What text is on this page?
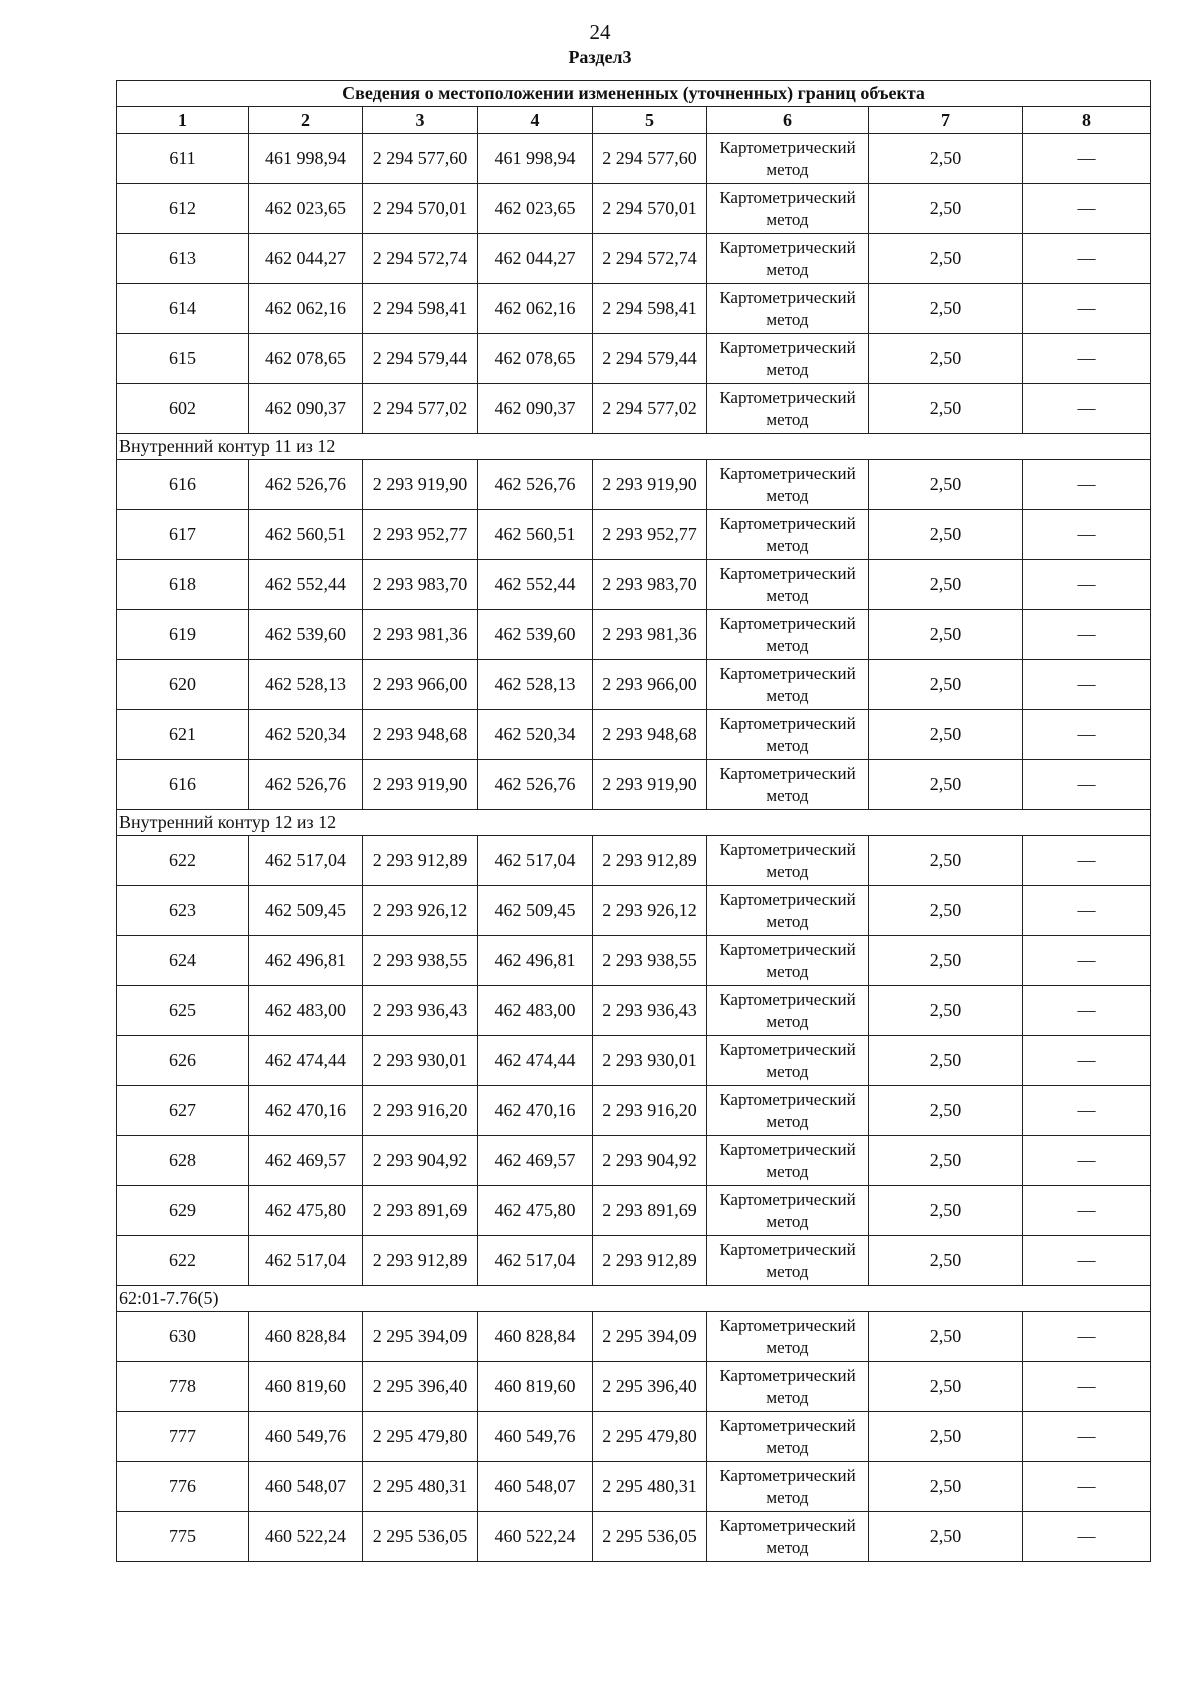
24
Раздел3
Сведения о местоположении измененных (уточненных) границ объекта							
1	2	3	4	5	6	7	8
611	461 998,94	2 294 577,60	461 998,94	2 294 577,60	Картометрический метод	2,50	—
612	462 023,65	2 294 570,01	462 023,65	2 294 570,01	Картометрический метод	2,50	—
613	462 044,27	2 294 572,74	462 044,27	2 294 572,74	Картометрический метод	2,50	—
614	462 062,16	2 294 598,41	462 062,16	2 294 598,41	Картометрический метод	2,50	—
615	462 078,65	2 294 579,44	462 078,65	2 294 579,44	Картометрический метод	2,50	—
602	462 090,37	2 294 577,02	462 090,37	2 294 577,02	Картометрический метод	2,50	—
Внутренний контур 11 из 12							
616	462 526,76	2 293 919,90	462 526,76	2 293 919,90	Картометрический метод	2,50	—
617	462 560,51	2 293 952,77	462 560,51	2 293 952,77	Картометрический метод	2,50	—
618	462 552,44	2 293 983,70	462 552,44	2 293 983,70	Картометрический метод	2,50	—
619	462 539,60	2 293 981,36	462 539,60	2 293 981,36	Картометрический метод	2,50	—
620	462 528,13	2 293 966,00	462 528,13	2 293 966,00	Картометрический метод	2,50	—
621	462 520,34	2 293 948,68	462 520,34	2 293 948,68	Картометрический метод	2,50	—
616	462 526,76	2 293 919,90	462 526,76	2 293 919,90	Картометрический метод	2,50	—
Внутренний контур 12 из 12							
622	462 517,04	2 293 912,89	462 517,04	2 293 912,89	Картометрический метод	2,50	—
623	462 509,45	2 293 926,12	462 509,45	2 293 926,12	Картометрический метод	2,50	—
624	462 496,81	2 293 938,55	462 496,81	2 293 938,55	Картометрический метод	2,50	—
625	462 483,00	2 293 936,43	462 483,00	2 293 936,43	Картометрический метод	2,50	—
626	462 474,44	2 293 930,01	462 474,44	2 293 930,01	Картометрический метод	2,50	—
627	462 470,16	2 293 916,20	462 470,16	2 293 916,20	Картометрический метод	2,50	—
628	462 469,57	2 293 904,92	462 469,57	2 293 904,92	Картометрический метод	2,50	—
629	462 475,80	2 293 891,69	462 475,80	2 293 891,69	Картометрический метод	2,50	—
622	462 517,04	2 293 912,89	462 517,04	2 293 912,89	Картометрический метод	2,50	—
62:01-7.76(5)							
630	460 828,84	2 295 394,09	460 828,84	2 295 394,09	Картометрический метод	2,50	—
778	460 819,60	2 295 396,40	460 819,60	2 295 396,40	Картометрический метод	2,50	—
777	460 549,76	2 295 479,80	460 549,76	2 295 479,80	Картометрический метод	2,50	—
776	460 548,07	2 295 480,31	460 548,07	2 295 480,31	Картометрический метод	2,50	—
775	460 522,24	2 295 536,05	460 522,24	2 295 536,05	Картометрический метод	2,50	—
